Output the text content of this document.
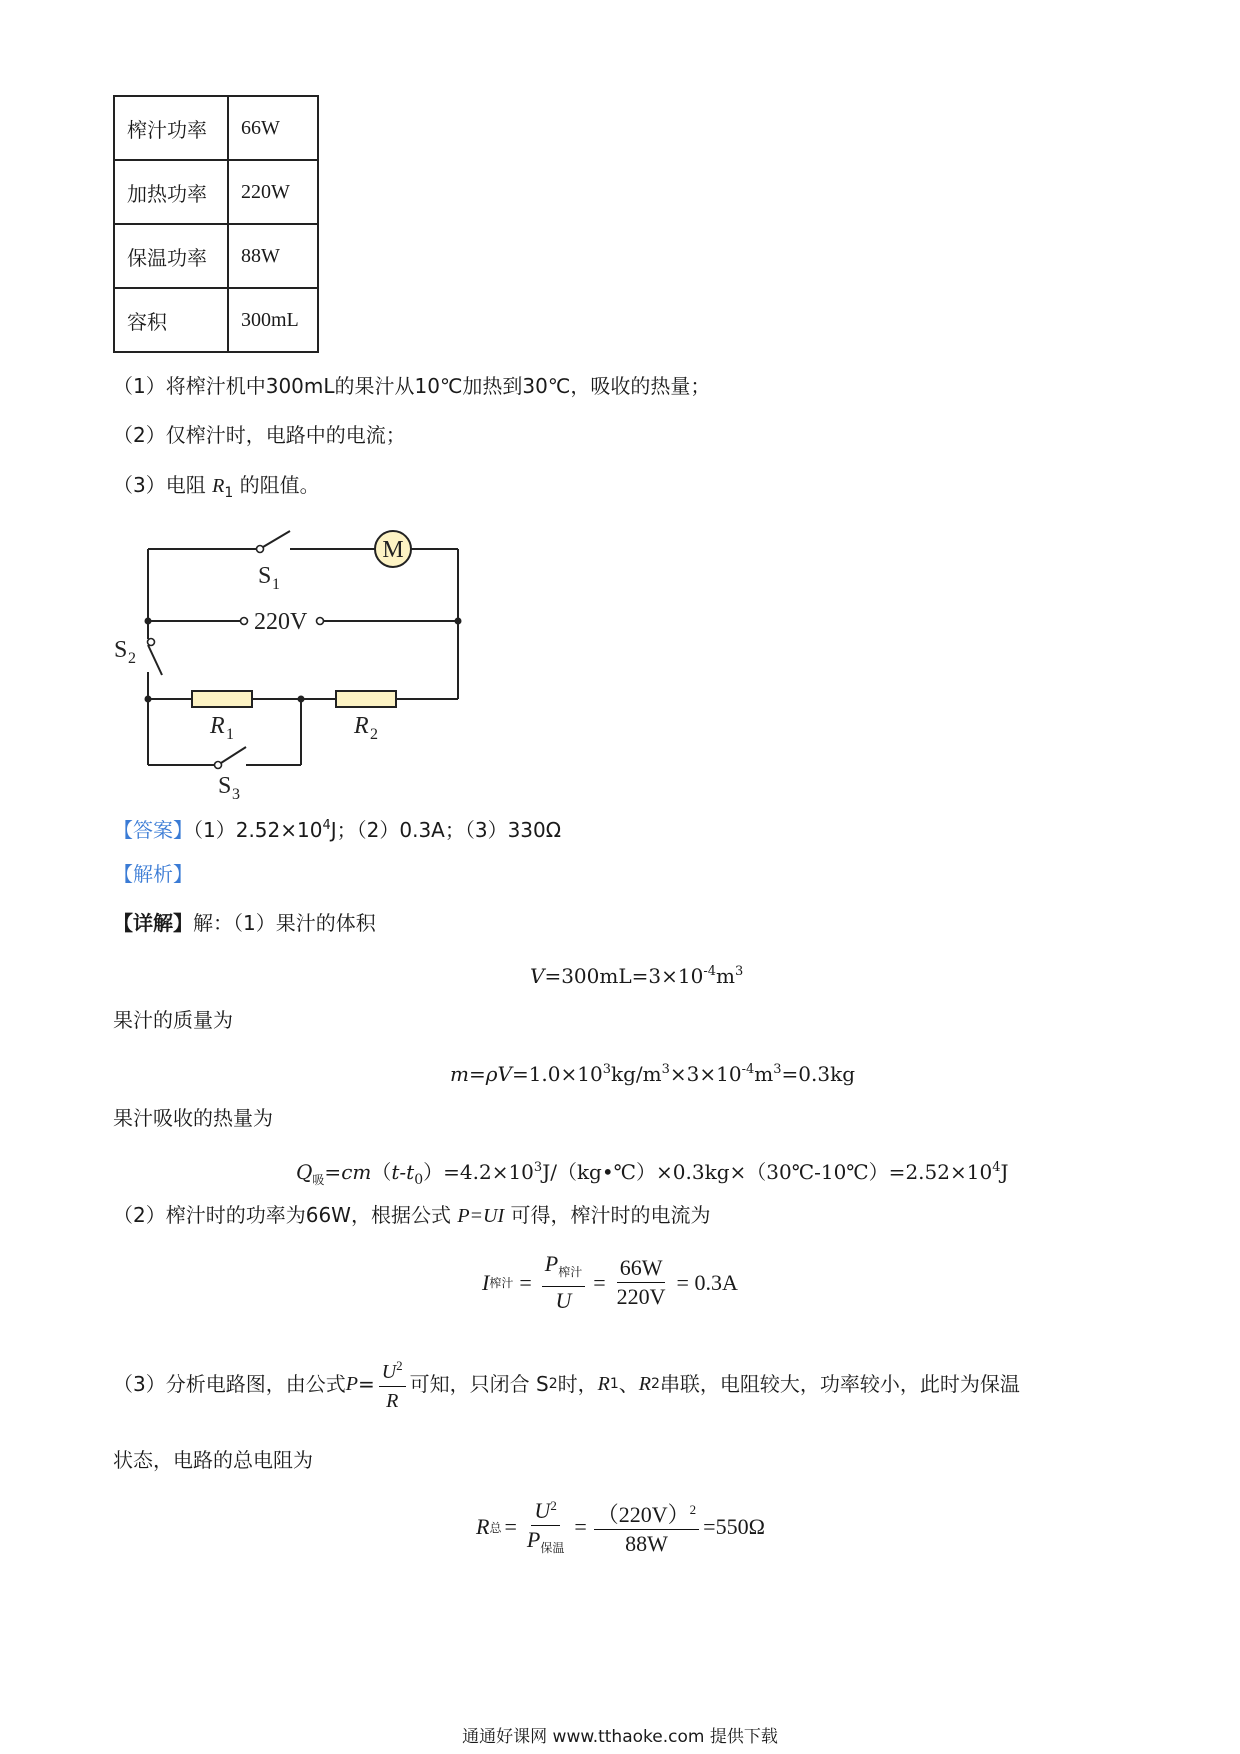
榨汁功率	66W
加热功率	220W
保温功率	88W
容积	300mL
（1）将榨汁机中300mL的果汁从10℃加热到30℃，吸收的热量；
（2）仅榨汁时，电路中的电流；
（3）电阻 $R_1$ 的阻值。
M
S 1
220V
S 2
R 1	R 2
S 3
【答案】$(1)2.52\times 10^4J$；（2）0.3A；（3）330Ω
【解析】
【详解】解：（1）果汁的体积
$V=300mL=3\times 10^{-4}m^3$
果汁的质量为
$m=\rho V=1.0\times 10^3kg/m^3\times 3\times 10^{-4}m^3=0.3kg$
果汁吸收的热量为
$Q_吸=cm(t-t_0)=4.2\times 10^3J/(kg•℃)\times 0.3kg\times(30℃-10℃)=2.52\times 10^4J$
（2）榨汁时的功率为66W，根据公式 P=UI 可得，榨汁时的电流为
I 榨汁 = $\frac{P_{榨汁}}{U} = \frac{66W}{220V} = 0.3A$
（3）分析电路图，由公式 $P = \frac{U^2}{R}$ 可知，只闭合 S 2 时， R 1 、 R 2 串联，电阻较大，功率较小，此时为保温
状态，电路的总电阻为
R 总 = $\frac{U^2}{P_{保温}} = \frac{(220V)^2}{88W} =550\Omega$
通通好课网 www.tthaoke.com 提供下载
